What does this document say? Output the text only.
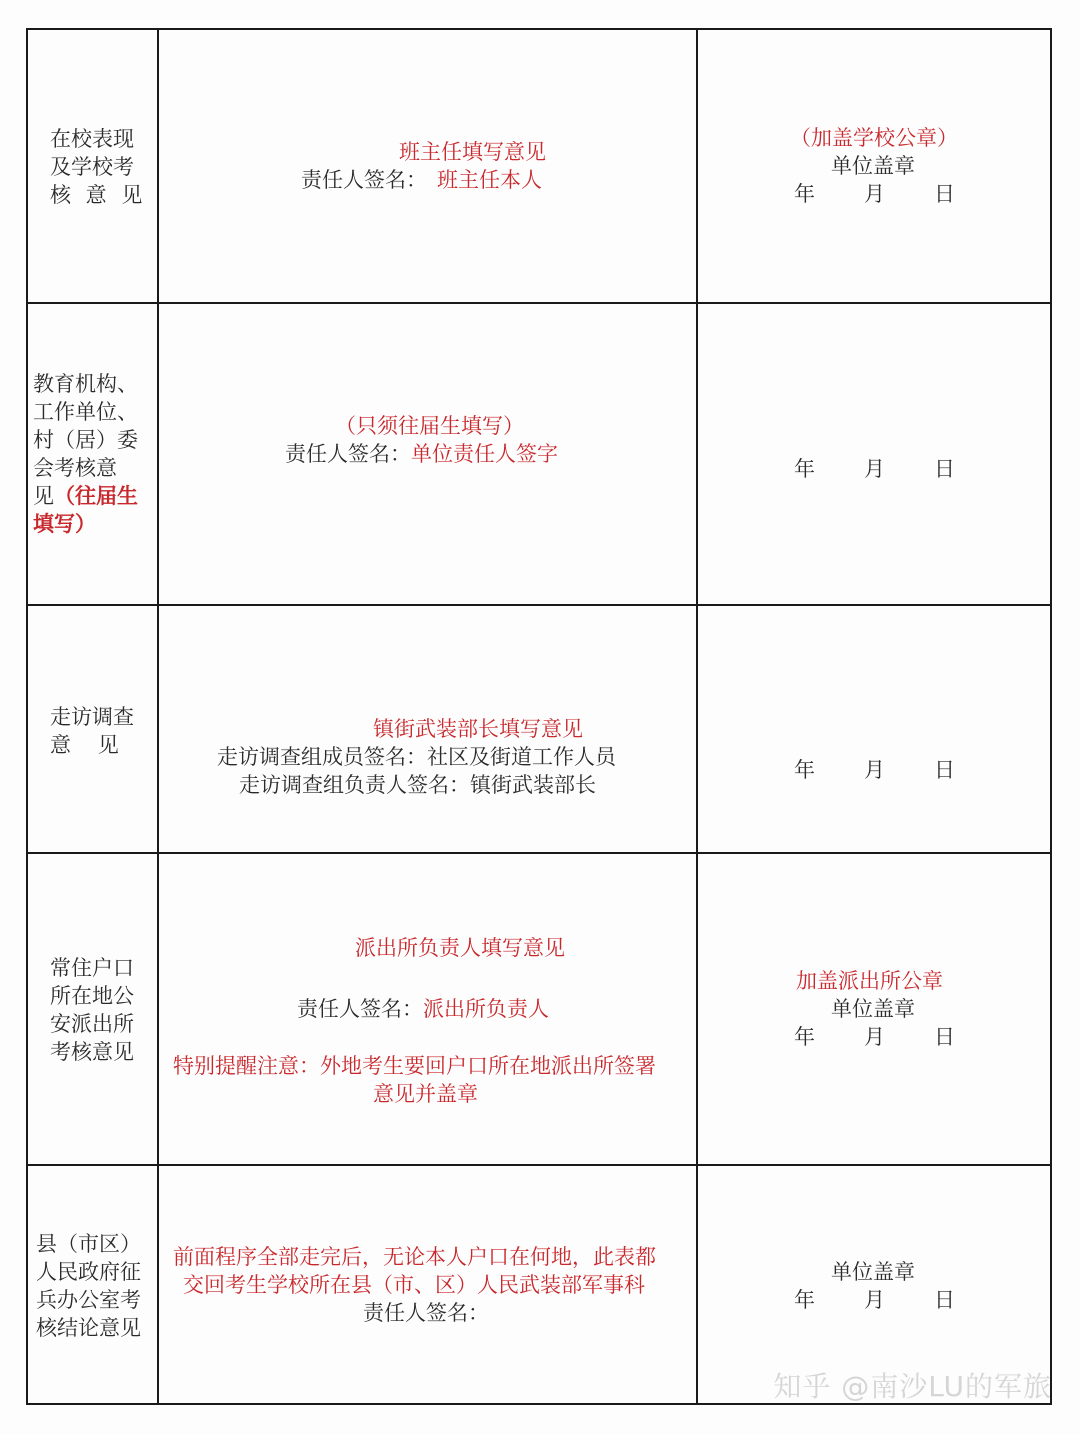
在校表现
及学校考
核 意 见
班主任填写意见
责任人签名： 班主任本人
（加盖学校公章）
单位盖章
年 月 日
教育机构、
工作单位、
村（居）委
会考核意
见（往届生
填写）
（只须往届生填写）
责任人签名：单位责任人签字
年 月 日
走访调查
意    见
镇街武装部长填写意见
走访调查组成员签名：社区及街道工作人员
走访调查组负责人签名：镇街武装部长
年 月 日
常住户口
所在地公
安派出所
考核意见
派出所负责人填写意见
责任人签名：派出所负责人
特别提醒注意：外地考生要回户口所在地派出所签署
意见并盖章
加盖派出所公章
单位盖章
年 月 日
县（市区）
人民政府征
兵办公室考
核结论意见
前面程序全部走完后，无论本人户口在何地，此表都
交回考生学校所在县（市、区）人民武装部军事科
责任人签名：
单位盖章
年 月 日
知乎 @南沙LU的军旅
